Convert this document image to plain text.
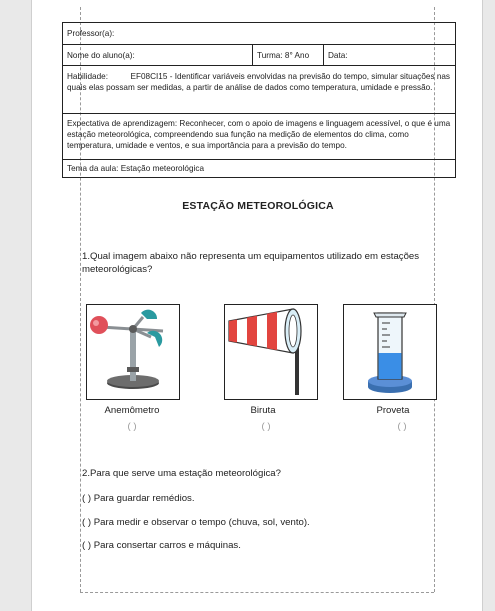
Professor(a):
Nome do aluno(a):	Turma: 8° Ano Data:
Habilidade:	EF08CI15 - Identificar variáveis envolvidas na previsão do tempo, simular situações nas quais elas possam ser medidas, a partir de análise de dados como temperatura, umidade e pressão.
Expectativa de aprendizagem: Reconhecer, com o apoio de imagens e linguagem acessível, o que é uma estação meteorológica, compreendendo sua função na medição de elementos do clima, como temperatura, umidade e ventos, e sua importância para a previsão do tempo.
Tema da aula: Estação meteorológica
ESTAÇÃO METEOROLÓGICA
1.Qual imagem abaixo não representa um equipamentos utilizado em estações meteorológicas?
Anemômetro	Biruta	Proveta
( )	( )	( )
2.Para que serve uma estação meteorológica?
( ) Para guardar remédios.
( ) Para medir e observar o tempo (chuva, sol, vento).
( ) Para consertar carros e máquinas.
